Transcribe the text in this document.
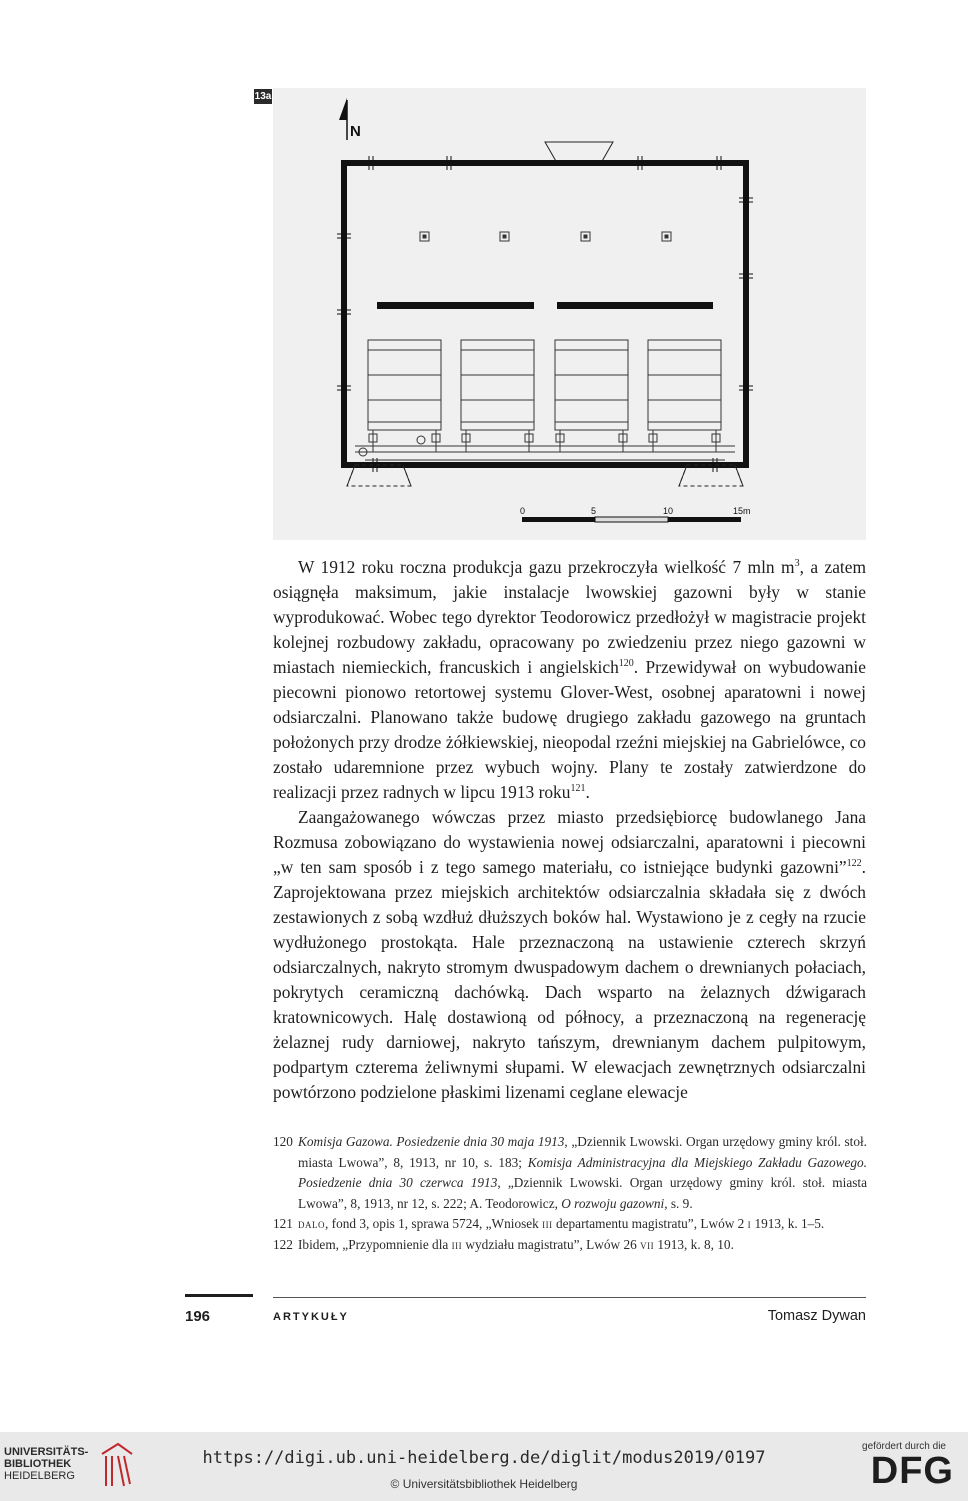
13a
N
0	5	10	15m

W 1912 roku roczna produkcja gazu przekroczyła wielkość 7 mln $m^3$, a zatem osiągnęła maksimum, jakie instalacje lwowskiej gazowni były w stanie wyprodukować. Wobec tego dyrektor Teodorowicz przedłożył w magistracie projekt kolejnej rozbudowy zakładu, opracowany po zwiedzeniu przez niego gazowni w miastach niemieckich, francuskich i angielskich$^{120}$. Przewidywał on wybudowanie piecowni pionowo retortowej systemu Glover-West, osobnej aparatowni i nowej odsiarczalni. Planowano także budowę drugiego zakładu gazowego na gruntach położonych przy drodze żółkiewskiej, nieopodal rzeźni miejskiej na Gabrielówce, co zostało udaremnione przez wybuch wojny. Plany te zostały zatwierdzone do realizacji przez radnych w lipcu 1913 roku$^{121}$.

Zaangażowanego wówczas przez miasto przedsiębiorcę budowlanego Jana Rozmusa zobowiązano do wystawienia nowej odsiarczalni, aparatowni i piecowni „w ten sam sposób i z tego samego materiału, co istniejące budynki gazowni”$^{122}$. Zaprojektowana przez miejskich architektów odsiarczalnia składała się z dwóch zestawionych z sobą wzdłuż dłuższych boków hal. Wystawiono je z cegły na rzucie wydłużonego prostokąta. Hale przeznaczoną na ustawienie czterech skrzyń odsiarczalnych, nakryto stromym dwuspadowym dachem o drewnianych połaciach, pokrytych ceramiczną dachówką. Dach wsparto na żelaznych dźwigarach kratownicowych. Halę dostawioną od północy, a przeznaczoną na regenerację żelaznej rudy darniowej, nakryto tańszym, drewnianym dachem pulpitowym, podpartym czterema żeliwnymi słupami. W elewacjach zewnętrznych odsiarczalni powtórzono podzielone płaskimi lizenami ceglane elewacje

120 Komisja Gazowa. Posiedzenie dnia 30 maja 1913, „Dziennik Lwowski. Organ urzędowy gminy król. stoł. miasta Lwowa”, 8, 1913, nr 10, s. 183; Komisja Administracyjna dla Miejskiego Zakładu Gazowego. Posiedzenie dnia 30 czerwca 1913, „Dziennik Lwowski. Organ urzędowy gminy król. stoł. miasta Lwowa”, 8, 1913, nr 12, s. 222; A. Teodorowicz, O rozwoju gazowni, s. 9.
121 dalo, fond 3, opis 1, sprawa 5724, „Wniosek iii departamentu magistratu”, Lwów 2 i 1913, k. 1–5.
122 Ibidem, „Przypomnienie dla iii wydziału magistratu”, Lwów 26 vii 1913, k. 8, 10.
196	ARTYKUŁY	Tomasz Dywan
UNIVERSITÄTS-
BIBLIOTHEK
HEIDELBERG
https://digi.ub.uni-heidelberg.de/diglit/modus2019/0197
© Universitätsbibliothek Heidelberg
gefördert durch die
DFG
